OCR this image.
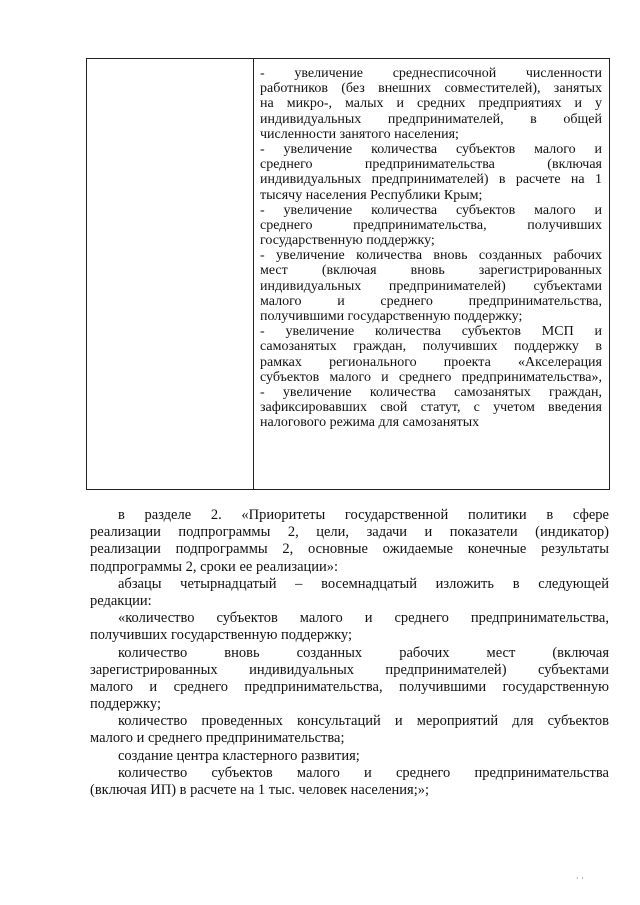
- увеличение среднесписочной численности
работников (без внешних совместителей), занятых
на микро-, малых и средних предприятиях и у
индивидуальных предпринимателей, в общей
численности занятого населения;
- увеличение количества субъектов малого и
среднего предпринимательства (включая
индивидуальных предпринимателей) в расчете на 1
тысячу населения Республики Крым;
- увеличение количества субъектов малого и
среднего предпринимательства, получивших
государственную поддержку;
- увеличение количества вновь созданных рабочих
мест (включая вновь зарегистрированных
индивидуальных предпринимателей) субъектами
малого и среднего предпринимательства,
получившими государственную поддержку;
- увеличение количества субъектов МСП и
самозанятых граждан, получивших поддержку в
рамках регионального проекта «Акселерация
субъектов малого и среднего предпринимательства»,
- увеличение количества самозанятых граждан,
зафиксировавших свой статут, с учетом введения
налогового режима для самозанятых
в разделе 2. «Приоритеты государственной политики в сфере
реализации подпрограммы 2, цели, задачи и показатели (индикатор)
реализации подпрограммы 2, основные ожидаемые конечные результаты
подпрограммы 2, сроки ее реализации»:
абзацы четырнадцатый – восемнадцатый изложить в следующей
редакции:
«количество субъектов малого и среднего предпринимательства,
получивших государственную поддержку;
количество вновь созданных рабочих мест (включая
зарегистрированных индивидуальных предпринимателей) субъектами
малого и среднего предпринимательства, получившими государственную
поддержку;
количество проведенных консультаций и мероприятий для субъектов
малого и среднего предпринимательства;
создание центра кластерного развития;
количество субъектов малого и среднего предпринимательства
(включая ИП) в расчете на 1 тыс. человек населения;»;
· ·
